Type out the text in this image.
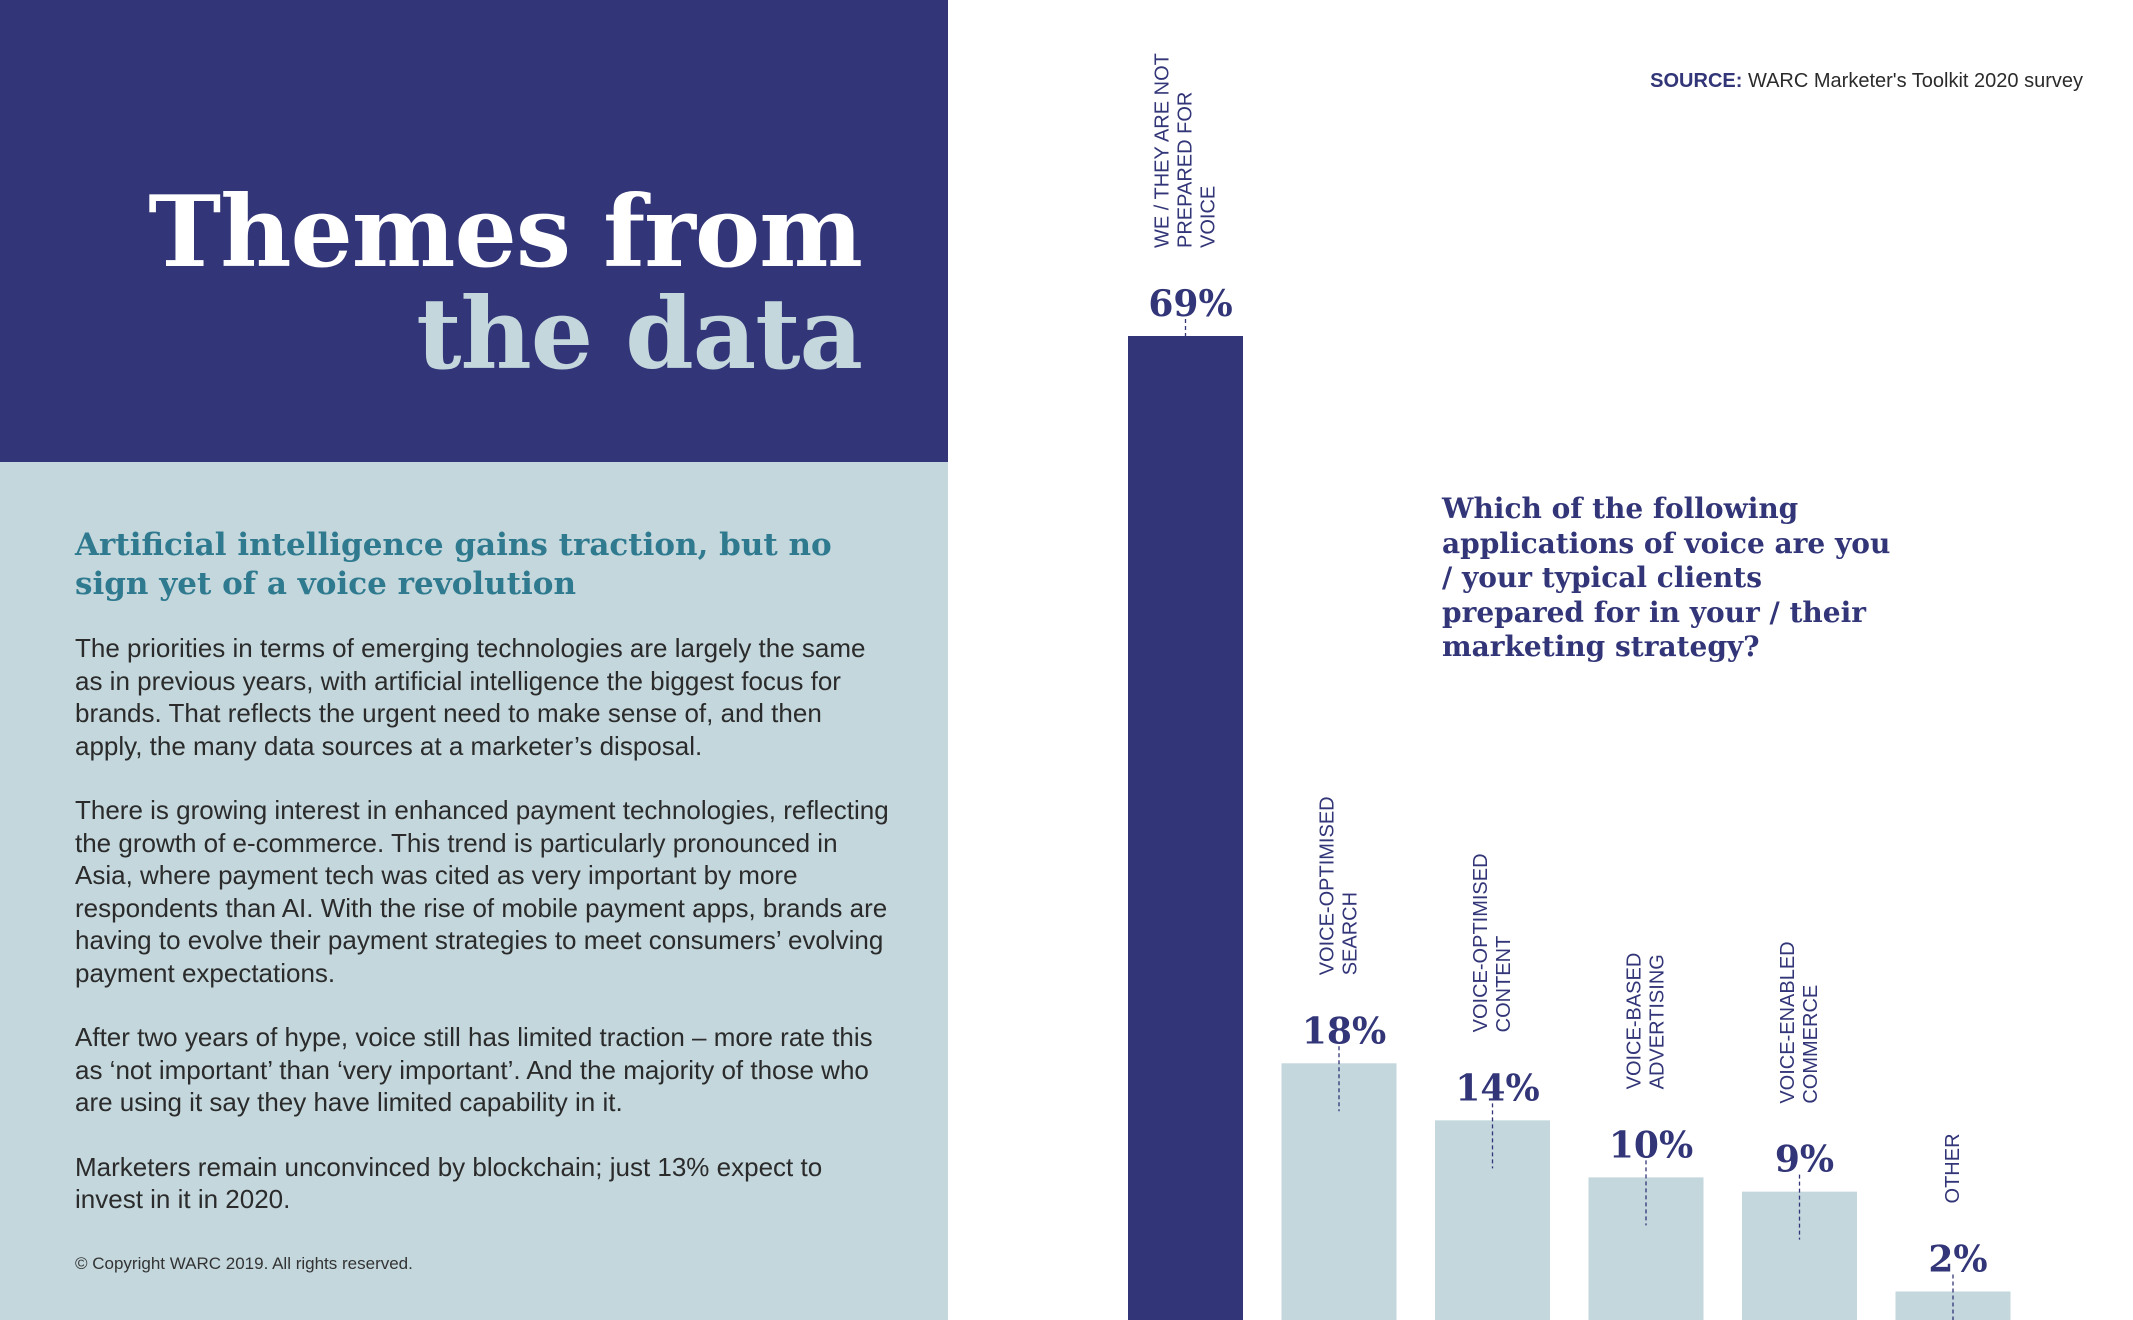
Themes from
the data
Artificial intelligence gains traction, but no sign yet of a voice revolution

The priorities in terms of emerging technologies are largely the same as in previous years, with artificial intelligence the biggest focus for brands. That reflects the urgent need to make sense of, and then apply, the many data sources at a marketer’s disposal.

There is growing interest in enhanced payment technologies, reflecting the growth of e-commerce. This trend is particularly pronounced in Asia, where payment tech was cited as very important by more respondents than AI. With the rise of mobile payment apps, brands are having to evolve their payment strategies to meet consumers’ evolving payment expectations.

After two years of hype, voice still has limited traction – more rate this as ‘not important’ than ‘very important’. And the majority of those who are using it say they have limited capability in it.

Marketers remain unconvinced by blockchain; just 13% expect to invest in it in 2020.

© Copyright WARC 2019. All rights reserved.
SOURCE: WARC Marketer's Toolkit 2020 survey
69%
WE / THEY ARE NOT PREPARED FOR VOICE
18%
VOICE-OPTIMISED SEARCH
14%
VOICE-OPTIMISED CONTENT
10%
VOICE-BASED ADVERTISING
9%
VOICE-ENABLED COMMERCE
2%
OTHER
Which of the following applications of voice are you / your typical clients prepared for in your / their marketing strategy?
